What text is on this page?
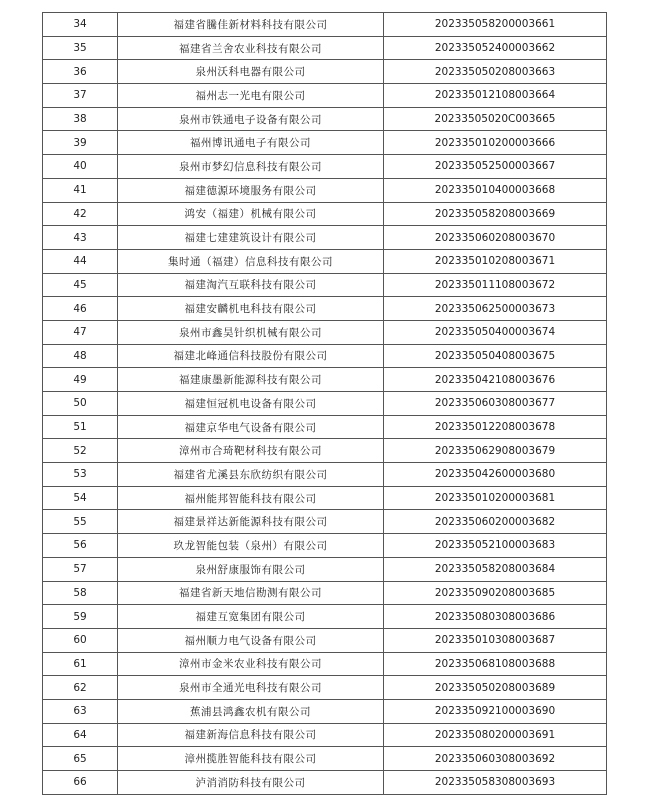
34	福建省騰佳新材料科技有限公司	202335058200003661
35	福建省兰舍农业科技有限公司	202335052400003662
36	泉州沃科电器有限公司	202335050208003663
37	福州志一光电有限公司	202335012108003664
38	泉州市铁通电子设备有限公司	20233505020C003665
39	福州博讯通电子有限公司	202335010200003666
40	泉州市梦幻信息科技有限公司	202335052500003667
41	福建德源环境服务有限公司	202335010400003668
42	鸿安（福建）机械有限公司	202335058208003669
43	福建七建建筑设计有限公司	202335060208003670
44	集时通（福建）信息科技有限公司	202335010208003671
45	福建淘汽互联科技有限公司	202335011108003672
46	福建安麟机电科技有限公司	202335062500003673
47	泉州市鑫昊针织机械有限公司	202335050400003674
48	福建北峰通信科技股份有限公司	202335050408003675
49	福建康墨新能源科技有限公司	202335042108003676
50	福建恒冠机电设备有限公司	202335060308003677
51	福建京华电气设备有限公司	202335012208003678
52	漳州市合琦靶材科技有限公司	202335062908003679
53	福建省尤溪县东欣纺织有限公司	202335042600003680
54	福州能邦智能科技有限公司	202335010200003681
55	福建景祥达新能源科技有限公司	202335060200003682
56	玖龙智能包装（泉州）有限公司	202335052100003683
57	泉州舒康服饰有限公司	202335058208003684
58	福建省新天地信勘测有限公司	202335090208003685
59	福建互宽集团有限公司	202335080308003686
60	福州顺力电气设备有限公司	202335010308003687
61	漳州市金米农业科技有限公司	202335068108003688
62	泉州市全通光电科技有限公司	202335050208003689
63	蕉浦县鸿鑫农机有限公司	202335092100003690
64	福建新海信息科技有限公司	202335080200003691
65	漳州揽胜智能科技有限公司	202335060308003692
66	泸消消防科技有限公司	202335058308003693
